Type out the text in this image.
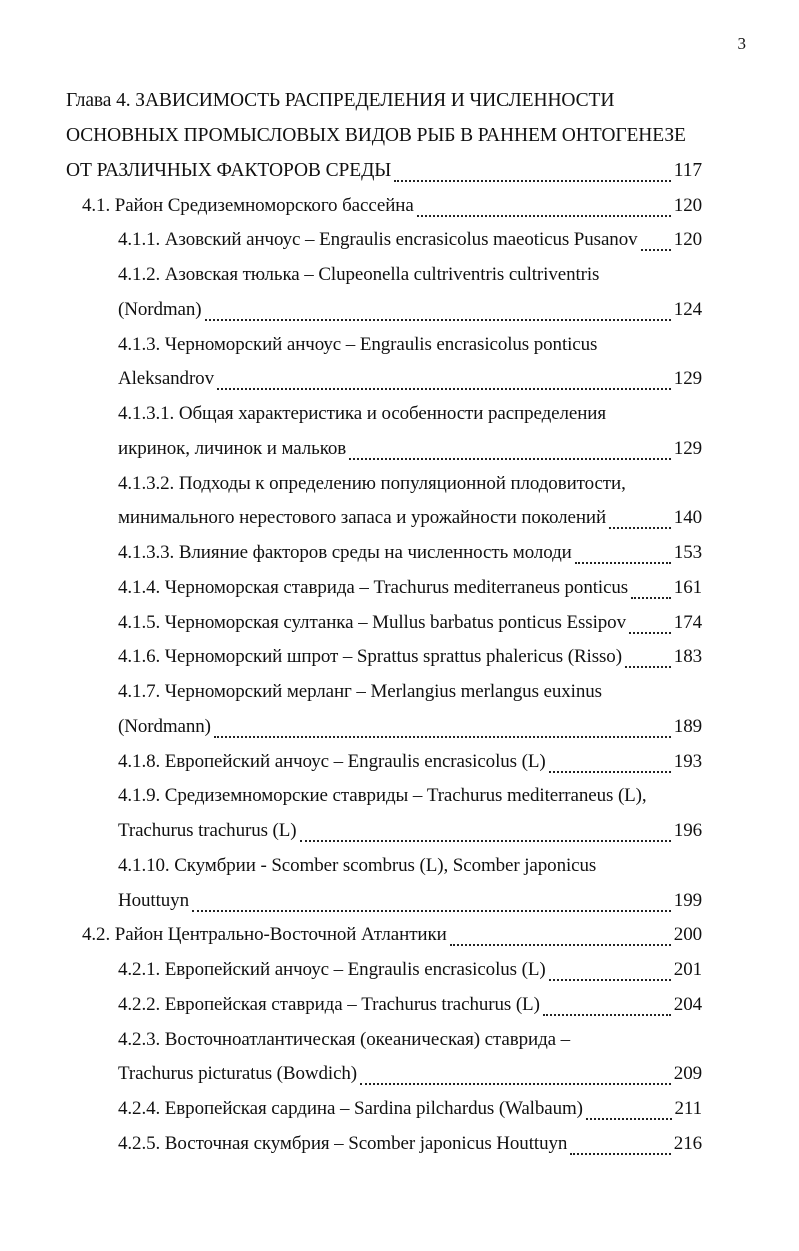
3
Глава 4. ЗАВИСИМОСТЬ РАСПРЕДЕЛЕНИЯ И ЧИСЛЕННОСТИ
ОСНОВНЫХ ПРОМЫСЛОВЫХ ВИДОВ РЫБ В РАННЕМ ОНТОГЕНЕЗЕ
ОТ РАЗЛИЧНЫХ ФАКТОРОВ СРЕДЫ	117
4.1. Район Средиземноморского бассейна	120
4.1.1. Азовский анчоус – Engraulis encrasicolus maeoticus Pusanov 120
4.1.2. Азовская тюлька – Clupeonella cultriventris cultriventris
(Nordman)	124
4.1.3. Черноморский анчоус – Engraulis encrasicolus ponticus
Aleksandrov	129
4.1.3.1. Общая характеристика и особенности распределения
икринок, личинок и мальков	129
4.1.3.2. Подходы к определению популяционной плодовитости,
минимального нерестового запаса и урожайности поколений	140
4.1.3.3. Влияние факторов среды на численность молоди	153
4.1.4. Черноморская ставрида – Trachurus mediterraneus ponticus 161
4.1.5. Черноморская султанка – Mullus barbatus ponticus Essipov	174
4.1.6. Черноморский шпрот – Sprattus sprattus phalericus (Risso)	183
4.1.7. Черноморский мерланг – Merlangius merlangus euxinus
(Nordmann)	189
4.1.8. Европейский анчоус – Engraulis encrasicolus (L)	193
4.1.9. Средиземноморские ставриды – Trachurus mediterraneus (L),
Trachurus trachurus (L)	196
4.1.10. Скумбрии - Scomber scombrus (L), Scomber japonicus
Houttuyn	199
4.2. Район Центрально-Восточной Атлантики	200
4.2.1. Европейский анчоус – Engraulis encrasicolus (L)	201
4.2.2. Европейская ставрида – Trachurus trachurus (L)	204
4.2.3. Восточноатлантическая (океаническая) ставрида –
Trachurus picturatus (Bowdich)	209
4.2.4. Европейская сардина – Sardina pilchardus (Walbaum)	211
4.2.5. Восточная скумбрия – Scomber japonicus Houttuyn	216
